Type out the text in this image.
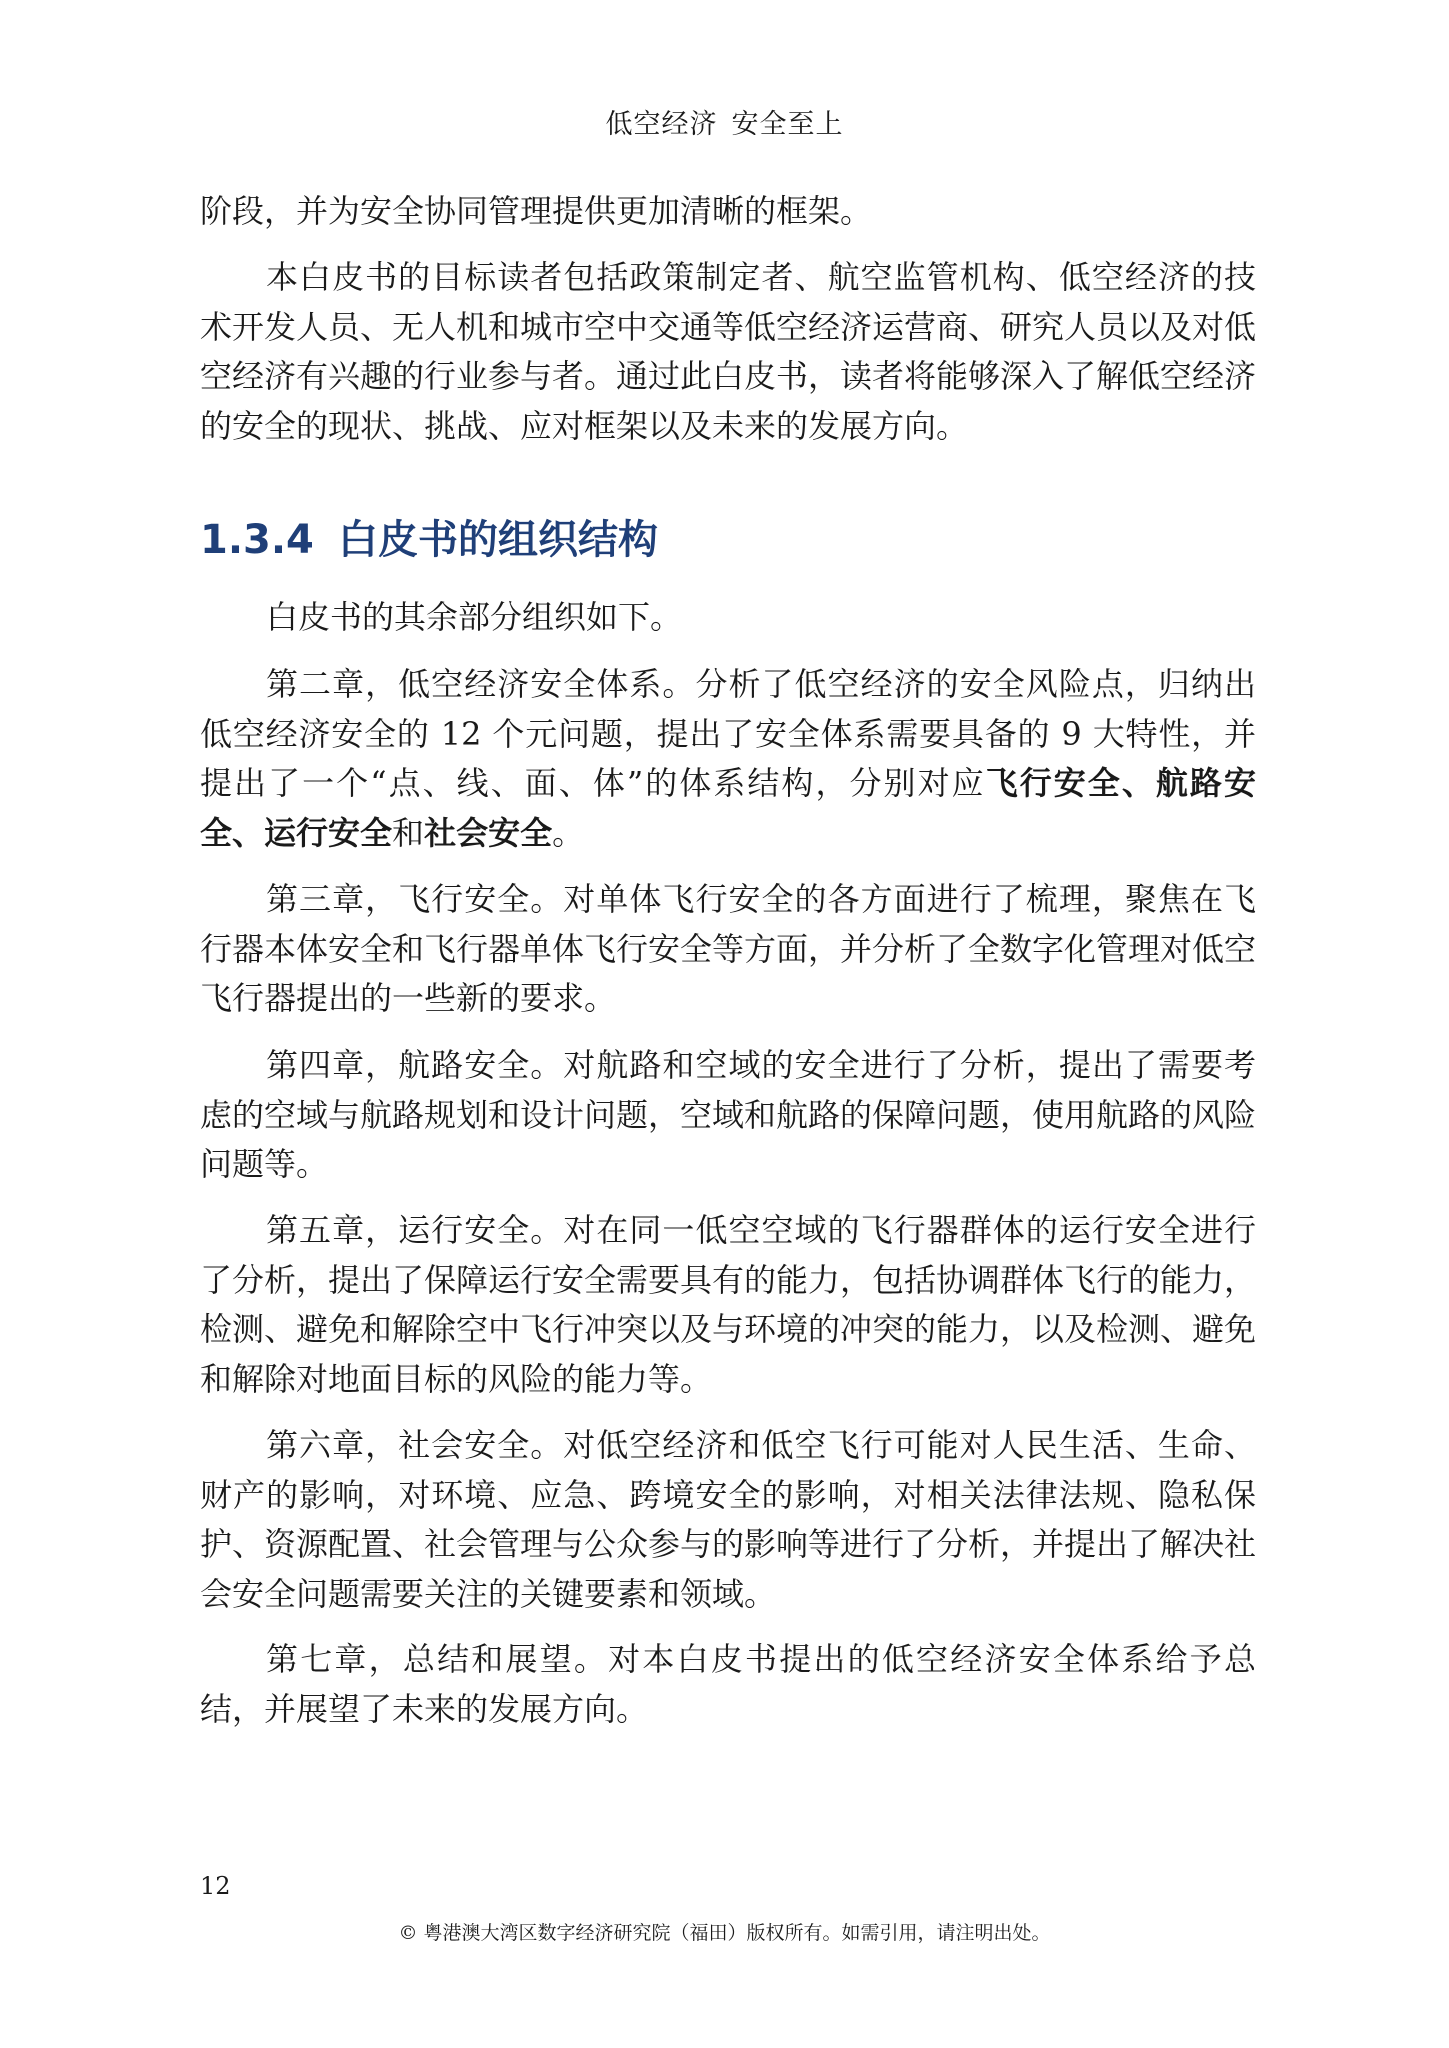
低空经济 安全至上

阶段，并为安全协同管理提供更加清晰的框架。

本白皮书的目标读者包括政策制定者、航空监管机构、低空经济的技术开发人员、无人机和城市空中交通等低空经济运营商、研究人员以及对低空经济有兴趣的行业参与者。通过此白皮书，读者将能够深入了解低空经济的安全的现状、挑战、应对框架以及未来的发展方向。

1.3.4 白皮书的组织结构

白皮书的其余部分组织如下。

第二章，低空经济安全体系。分析了低空经济的安全风险点，归纳出低空经济安全的 12 个元问题，提出了安全体系需要具备的 9 大特性，并提出了一个“点、线、面、体”的体系结构，分别对应飞行安全、航路安全、运行安全和社会安全。

第三章，飞行安全。对单体飞行安全的各方面进行了梳理，聚焦在飞行器本体安全和飞行器单体飞行安全等方面，并分析了全数字化管理对低空飞行器提出的一些新的要求。

第四章，航路安全。对航路和空域的安全进行了分析，提出了需要考虑的空域与航路规划和设计问题，空域和航路的保障问题，使用航路的风险问题等。

第五章，运行安全。对在同一低空空域的飞行器群体的运行安全进行了分析，提出了保障运行安全需要具有的能力，包括协调群体飞行的能力，检测、避免和解除空中飞行冲突以及与环境的冲突的能力，以及检测、避免和解除对地面目标的风险的能力等。

第六章，社会安全。对低空经济和低空飞行可能对人民生活、生命、财产的影响，对环境、应急、跨境安全的影响，对相关法律法规、隐私保护、资源配置、社会管理与公众参与的影响等进行了分析，并提出了解决社会安全问题需要关注的关键要素和领域。

第七章，总结和展望。对本白皮书提出的低空经济安全体系给予总结，并展望了未来的发展方向。

12
© 粤港澳大湾区数字经济研究院（福田）版权所有。如需引用，请注明出处。
